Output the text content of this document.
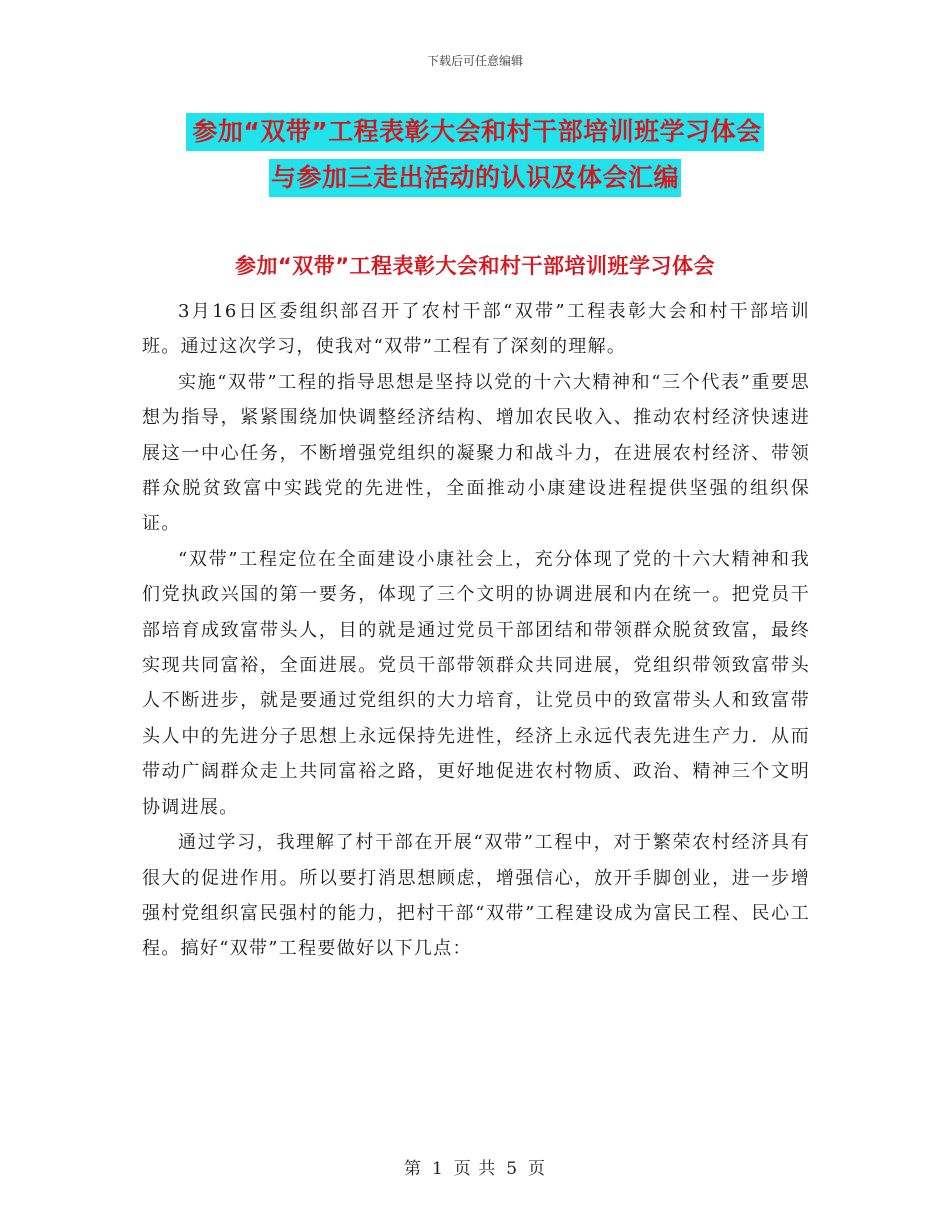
下载后可任意编辑
参加“双带”工程表彰大会和村干部培训班学习体会
与参加三走出活动的认识及体会汇编
参加“双带”工程表彰大会和村干部培训班学习体会

3月16日区委组织部召开了农村干部“双带”工程表彰大会和村干部培训班。通过这次学习，使我对“双带”工程有了深刻的理解。

实施“双带”工程的指导思想是坚持以党的十六大精神和“三个代表”重要思想为指导，紧紧围绕加快调整经济结构、增加农民收入、推动农村经济快速进展这一中心任务，不断增强党组织的凝聚力和战斗力，在进展农村经济、带领群众脱贫致富中实践党的先进性，全面推动小康建设进程提供坚强的组织保证。

“双带”工程定位在全面建设小康社会上，充分体现了党的十六大精神和我们党执政兴国的第一要务，体现了三个文明的协调进展和内在统一。把党员干部培育成致富带头人，目的就是通过党员干部团结和带领群众脱贫致富，最终实现共同富裕，全面进展。党员干部带领群众共同进展，党组织带领致富带头人不断进步，就是要通过党组织的大力培育，让党员中的致富带头人和致富带头人中的先进分子思想上永远保持先进性，经济上永远代表先进生产力．从而带动广阔群众走上共同富裕之路，更好地促进农村物质、政治、精神三个文明协调进展。

通过学习，我理解了村干部在开展“双带”工程中，对于繁荣农村经济具有很大的促进作用。所以要打消思想顾虑，增强信心，放开手脚创业，进一步增强村党组织富民强村的能力，把村干部“双带”工程建设成为富民工程、民心工程。搞好“双带”工程要做好以下几点：

第 1 页 共 5 页
